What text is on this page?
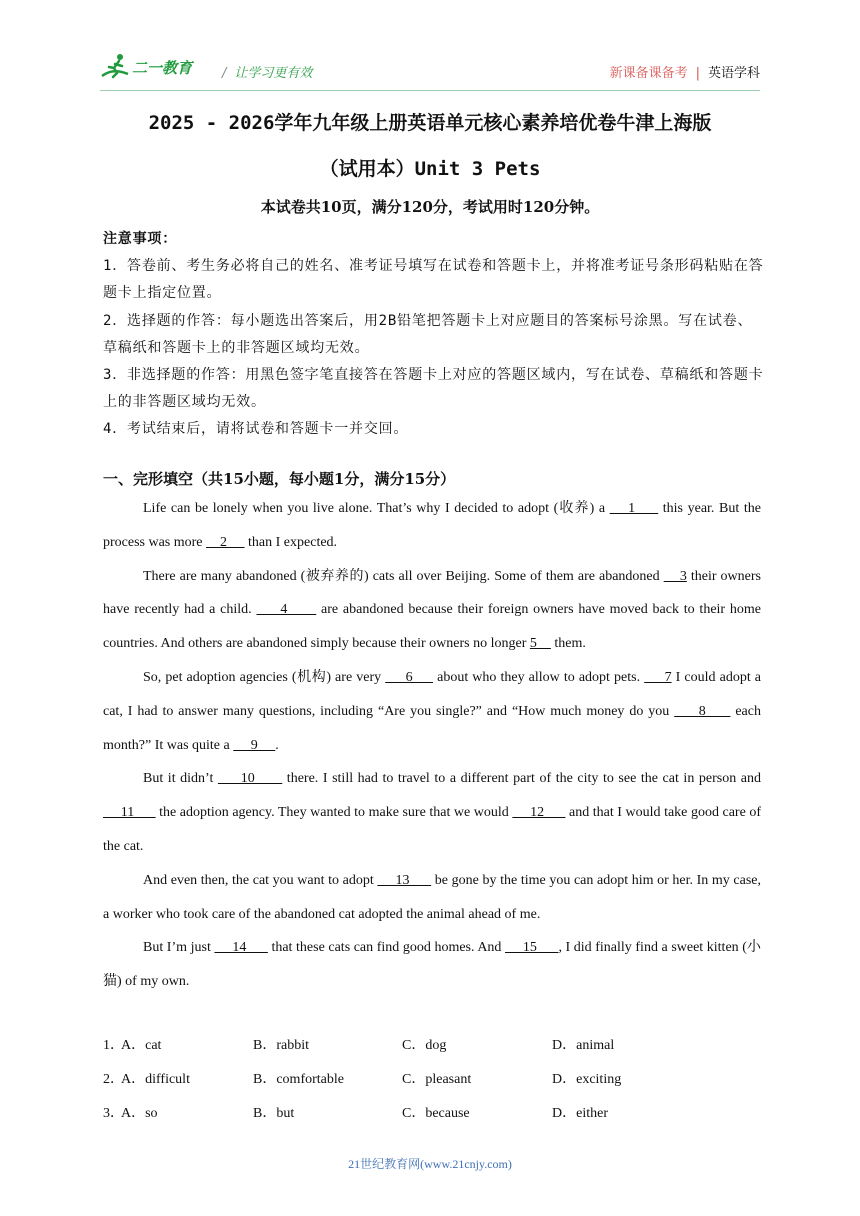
二一教育 / 让学习更有效	新课备课备考 | 英语学科
2025 - 2026学年九年级上册英语单元核心素养培优卷牛津上海版
（试用本）Unit 3 Pets
本试卷共10页，满分120分，考试用时120分钟。
注意事项：
1．答卷前、考生务必将自己的姓名、准考证号填写在试卷和答题卡上，并将准考证号条形码粘贴在答题卡上指定位置。
2．选择题的作答：每小题选出答案后，用2B铅笔把答题卡上对应题目的答案标号涂黑。写在试卷、草稿纸和答题卡上的非答题区域均无效。
3．非选择题的作答：用黑色签字笔直接答在答题卡上对应的答题区域内，写在试卷、草稿纸和答题卡上的非答题区域均无效。
4．考试结束后，请将试卷和答题卡一并交回。
一、完形填空（共15小题，每小题1分，满分15分）

Life can be lonely when you live alone. That’s why I decided to adopt (收养) a     1      this year. But the process was more     2      than I expected.

There are many abandoned (被弃养的) cats all over Beijing. Some of them are abandoned     3 their owners have recently had a child.      4       are abandoned because their foreign owners have moved back to their home countries. And others are abandoned simply because their owners no longer 5     them.

So, pet adoption agencies (机构) are very      6      about who they allow to adopt pets.      7 I could adopt a cat, I had to answer many questions, including “Are you single?” and “How much money do you      8      each month?” It was quite a      9     .

But it didn’t      10       there. I still had to travel to a different part of the city to see the cat in person and      11       the adoption agency. They wanted to make sure that we would      12       and that I would take good care of the cat.

And even then, the cat you want to adopt      13       be gone by the time you can adopt him or her. In my case, a worker who took care of the abandoned cat adopted the animal ahead of me.

But I’m just      14       that these cats can find good homes. And      15      , I did finally find a sweet kitten (小猫) of my own.

1．
A．cat	B．rabbit	C．dog	D．animal
2．
A．difficult	B．comfortable	C．pleasant	D．exciting
3．
A．so	B．but	C．because	D．either
21世纪教育网(www.21cnjy.com)
